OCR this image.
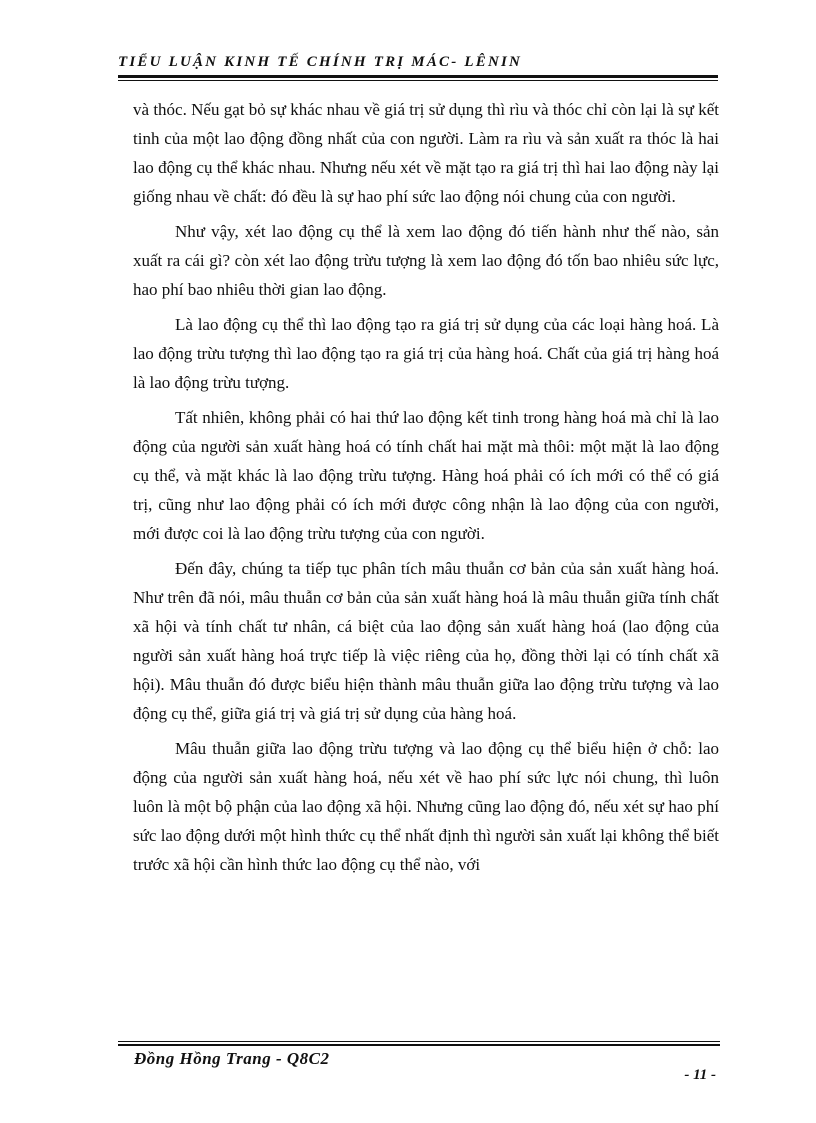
TIỂU LUẬN KINH TẾ CHÍNH TRỊ MÁC- LÊNIN

và thóc. Nếu gạt bỏ sự khác nhau về giá trị sử dụng thì rìu và thóc chỉ còn lại là sự kết tinh của một lao động đồng nhất của con người. Làm ra rìu và sản xuất ra thóc là hai lao động cụ thể khác nhau. Nhưng nếu xét về mặt tạo ra giá trị thì hai lao động này lại giống nhau về chất: đó đều là sự hao phí sức lao động nói chung của con người.

Như vậy, xét lao động cụ thể là xem lao động đó tiến hành như thế nào, sản xuất ra cái gì? còn xét lao động trừu tượng là xem lao động đó tốn bao nhiêu sức lực, hao phí bao nhiêu thời gian lao động.

Là lao động cụ thể thì lao động tạo ra giá trị sử dụng của các loại hàng hoá. Là lao động trừu tượng thì lao động tạo ra giá trị của hàng hoá. Chất của giá trị hàng hoá là lao động trừu tượng.

Tất nhiên, không phải có hai thứ lao động kết tinh trong hàng hoá mà chỉ là lao động của người sản xuất hàng hoá có tính chất hai mặt mà thôi: một mặt là lao động cụ thể, và mặt khác là lao động trừu tượng. Hàng hoá phải có ích mới có thể có giá trị, cũng như lao động phải có ích mới được công nhận là lao động của con người, mới được coi là lao động trừu tượng của con người.

Đến đây, chúng ta tiếp tục phân tích mâu thuẫn cơ bản của sản xuất hàng hoá. Như trên đã nói, mâu thuẫn cơ bản của sản xuất hàng hoá là mâu thuẫn giữa tính chất xã hội và tính chất tư nhân, cá biệt của lao động sản xuất hàng hoá (lao động của người sản xuất hàng hoá trực tiếp là việc riêng của họ, đồng thời lại có tính chất xã hội). Mâu thuẫn đó được biểu hiện thành mâu thuẫn giữa lao động trừu tượng và lao động cụ thể, giữa giá trị và giá trị sử dụng của hàng hoá.

Mâu thuẫn giữa lao động trừu tượng và lao động cụ thể biểu hiện ở chỗ: lao động của người sản xuất hàng hoá, nếu xét về hao phí sức lực nói chung, thì luôn luôn là một bộ phận của lao động xã hội. Nhưng cũng lao động đó, nếu xét sự hao phí sức lao động dưới một hình thức cụ thể nhất định thì người sản xuất lại không thể biết trước xã hội cần hình thức lao động cụ thể nào, với

Đồng Hồng Trang - Q8C2
- 11 -
